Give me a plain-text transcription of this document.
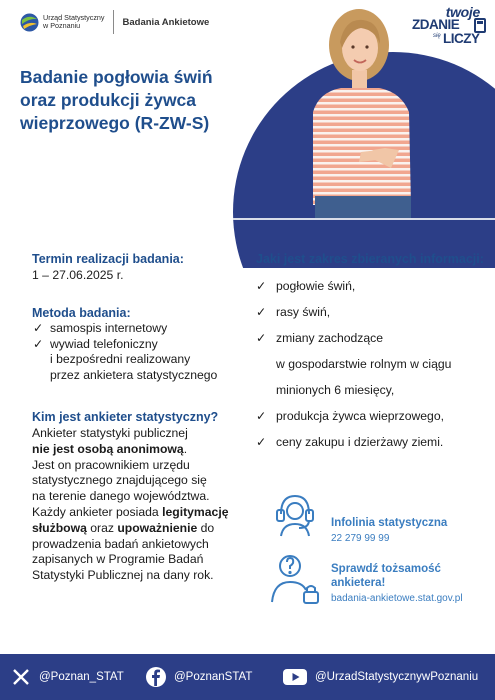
Urząd Statystyczny
w Poznaniu	Badania Ankietowe
twoje
ZDANIE
się LICZY
Badanie pogłowia świń
oraz produkcji żywca
wieprzowego (R-ZW-S)
Termin realizacji badania:
1 – 27.06.2025 r.
Metoda badania:
✓ samospis internetowy
✓ wywiad telefoniczny
i bezpośredni realizowany
przez ankietera statystycznego
Kim jest ankieter statystyczny?
Ankieter statystyki publicznej
nie jest osobą anonimową.
Jest on pracownikiem urzędu
statystycznego znajdującego się
na terenie danego województwa.
Każdy ankieter posiada legitymację
służbową oraz upoważnienie do
prowadzenia badań ankietowych
zapisanych w Programie Badań
Statystyki Publicznej na dany rok.
Jaki jest zakres zbieranych informacji:
✓ pogłowie świń,
✓ rasy świń,
✓ zmiany zachodzące
w gospodarstwie rolnym w ciągu
minionych 6 miesięcy,
✓ produkcja żywca wieprzowego,
✓ ceny zakupu i dzierżawy ziemi.
Infolinia statystyczna
22 279 99 99
Sprawdź tożsamość
ankietera!
badania-ankietowe.stat.gov.pl
@Poznan_STAT	@PoznanSTAT	@UrzadStatystycznywPoznaniu
